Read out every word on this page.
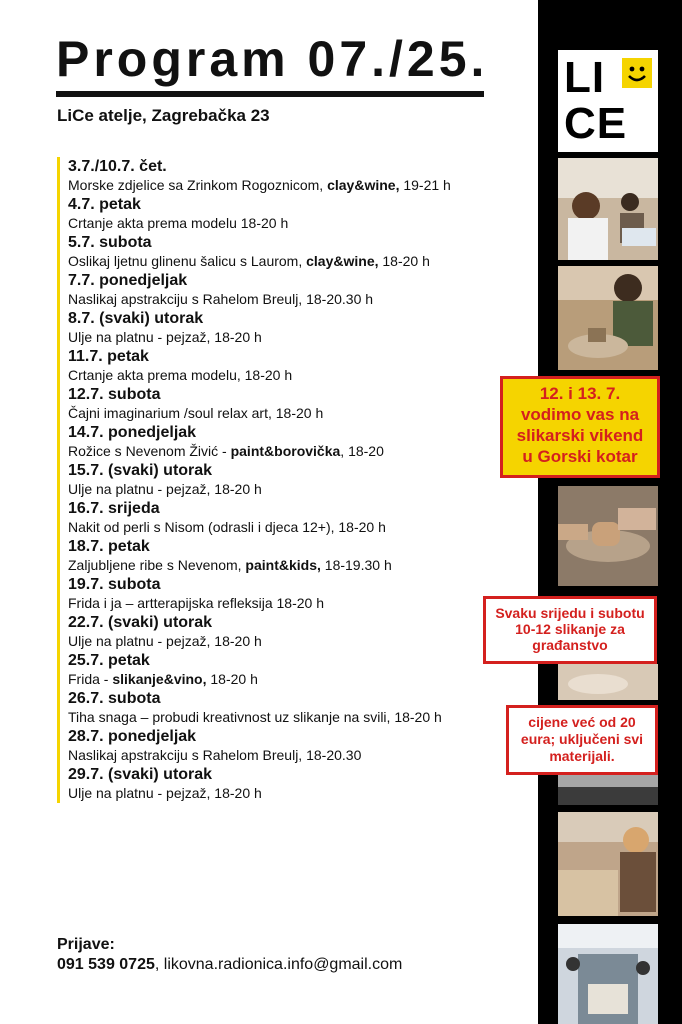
Program 07./25.
LiCe atelje, Zagrebačka 23
3.7./10.7. čet.
Morske zdjelice sa Zrinkom Rogoznicom, clay&wine, 19-21 h
4.7. petak
Crtanje akta prema modelu 18-20 h
5.7. subota
Oslikaj ljetnu glinenu šalicu s Laurom, clay&wine, 18-20 h
7.7. ponedjeljak
Naslikaj apstrakciju s Rahelom Breulj, 18-20.30 h
8.7. (svaki) utorak
Ulje na platnu - pejzaž, 18-20 h
11.7. petak
Crtanje akta prema modelu, 18-20 h
12.7. subota
Čajni imaginarium /soul relax art, 18-20 h
14.7. ponedjeljak
Rožice s Nevenom Živić - paint&borovička, 18-20
15.7. (svaki) utorak
Ulje na platnu - pejzaž, 18-20 h
16.7. srijeda
Nakit od perli s Nisom (odrasli i djeca 12+), 18-20 h
18.7. petak
Zaljubljene ribe s Nevenom, paint&kids, 18-19.30 h
19.7. subota
Frida i ja – artterapijska refleksija 18-20 h
22.7. (svaki) utorak
Ulje na platnu - pejzaž, 18-20 h
25.7. petak
Frida - slikanje&vino, 18-20 h
26.7. subota
Tiha snaga – probudi kreativnost uz slikanje na svili, 18-20 h
28.7. ponedjeljak
Naslikaj apstrakciju s Rahelom Breulj, 18-20.30
29.7. (svaki) utorak
Ulje na platnu - pejzaž, 18-20 h
LI
CE
12. i 13. 7.
vodimo vas na
slikarski vikend
u Gorski kotar
Svaku srijedu i subotu
10-12 slikanje za
građanstvo
cijene već od 20
eura; uključeni svi
materijali.
Prijave:
091 539 0725, likovna.radionica.info@gmail.com
